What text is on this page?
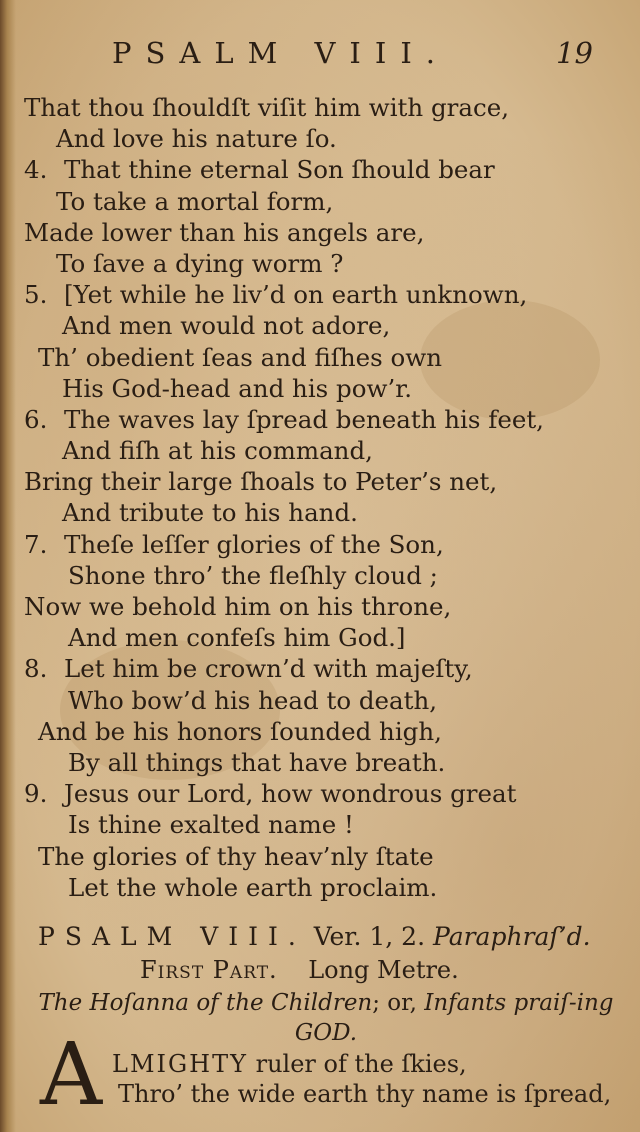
PSALM VIII.	19
That thou ſhouldſt viſit him with grace,
And love his nature ſo.
4. That thine eternal Son ſhould bear
To take a mortal form,
Made lower than his angels are,
To ſave a dying worm ?
5. [Yet while he liv’d on earth unknown,
And men would not adore,
Th’ obedient ſeas and fiſhes own
His God-head and his pow’r.
6. The waves lay ſpread beneath his feet,
And fiſh at his command,
Bring their large ſhoals to Peter’s net,
And tribute to his hand.
7. Theſe leſſer glories of the Son,
Shone thro’ the fleſhly cloud ;
Now we behold him on his throne,
And men confeſs him God.]
8. Let him be crown’d with majeſty,
Who bow’d his head to death,
And be his honors ſounded high,
By all things that have breath.
9. Jesus our Lord, how wondrous great
Is thine exalted name !
The glories of thy heav’nly ſtate
Let the whole earth proclaim.
PSALM VIII. Ver. 1, 2. Paraphraſ’d.
First Part. Long Metre.
The Hoſanna of the Children; or, Infants praiſ-ing GOD.
A LMIGHTY ruler of the ſkies,
Thro’ the wide earth thy name is ſpread,
